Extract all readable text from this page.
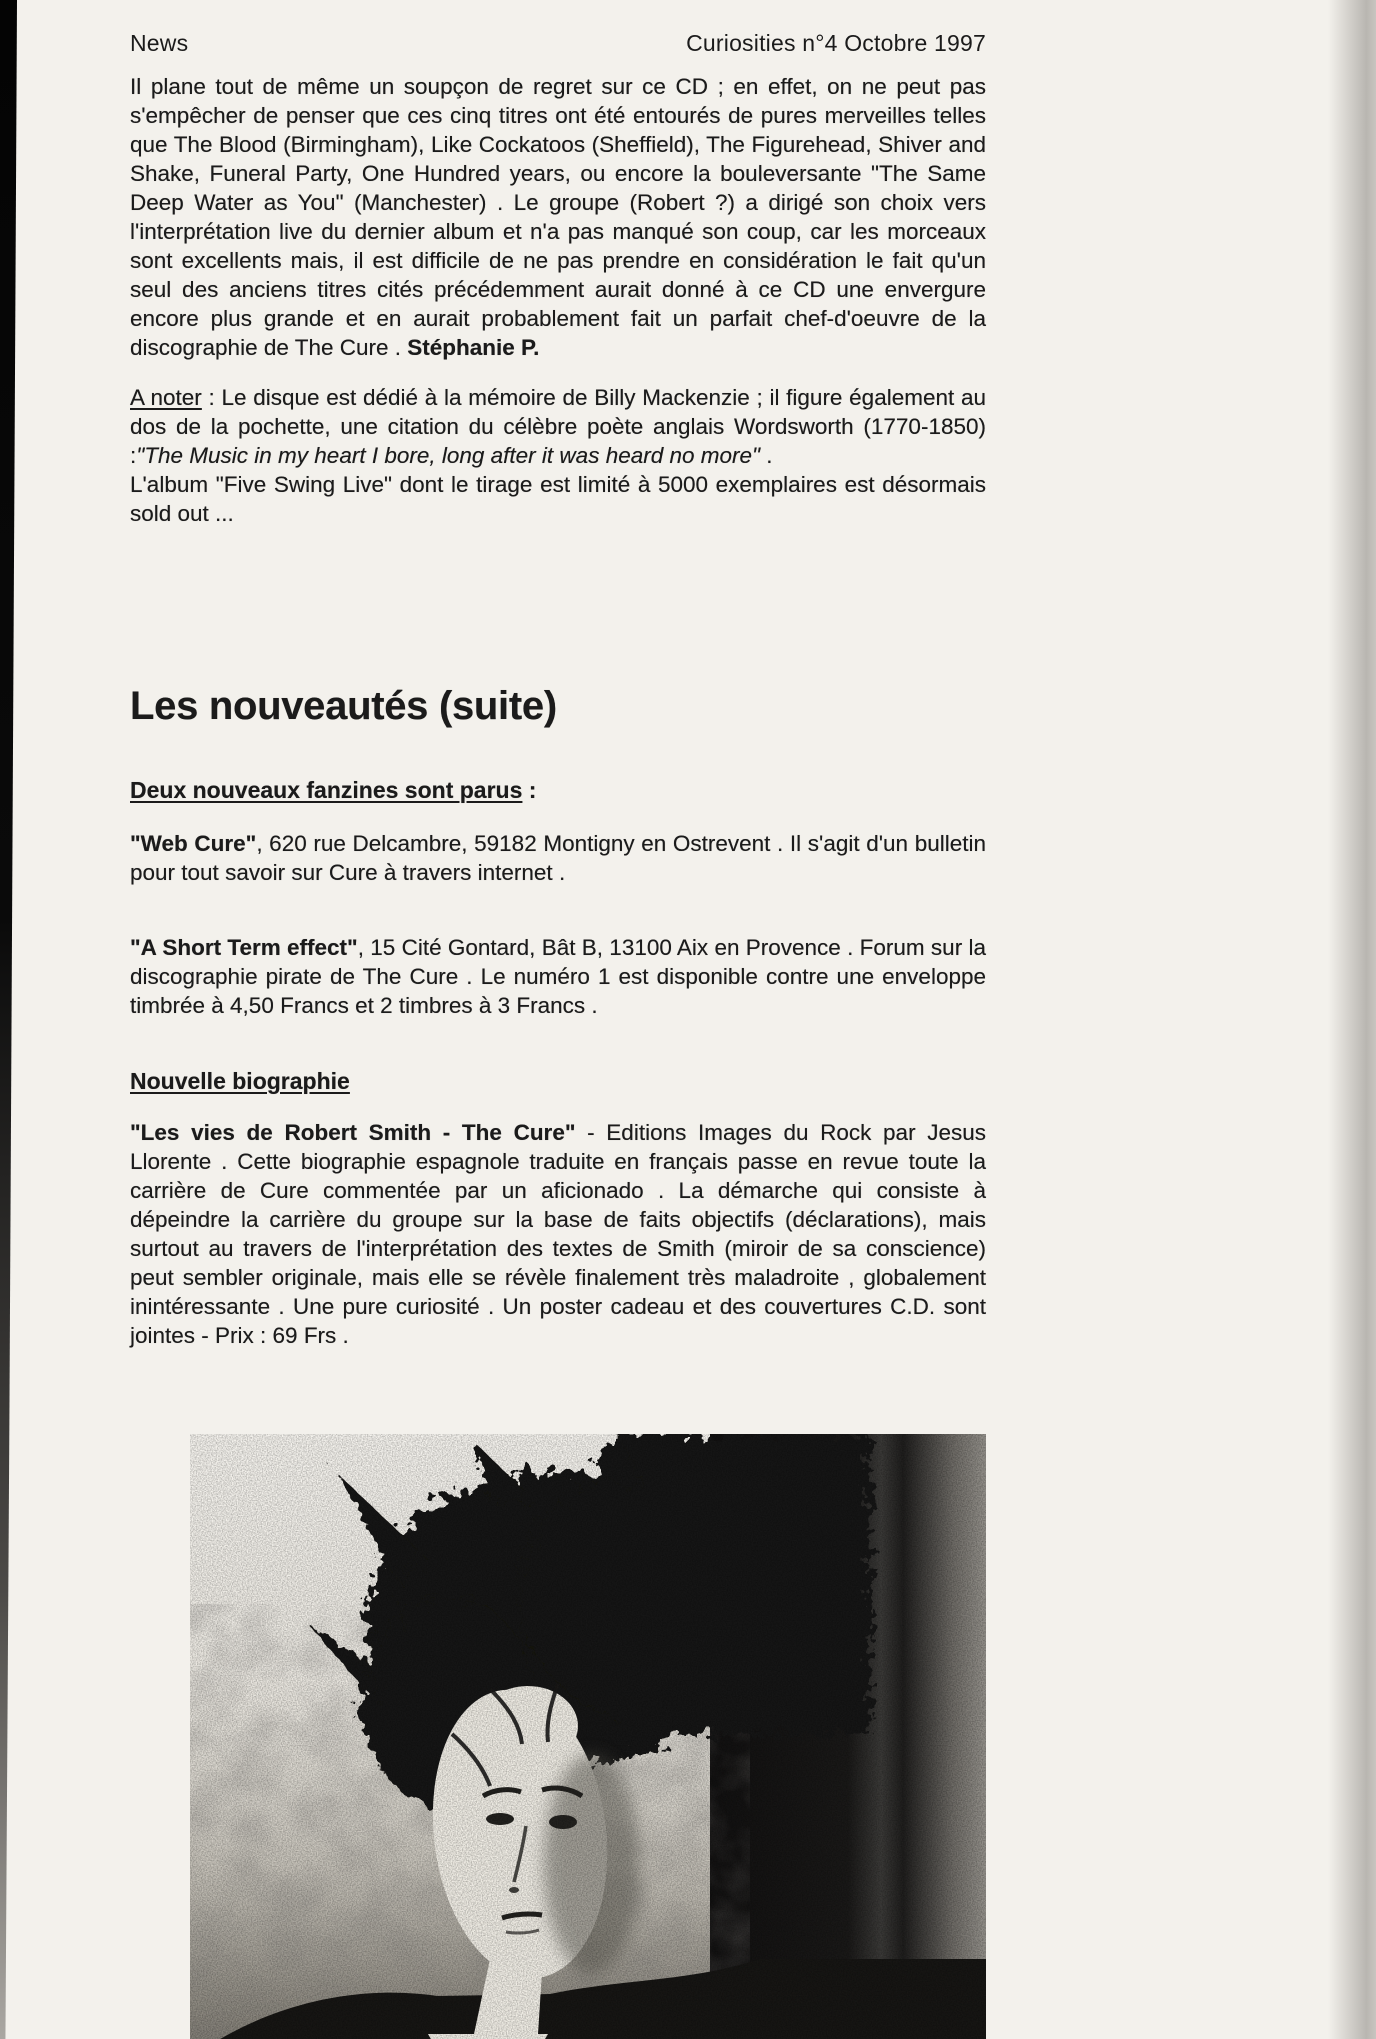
News	Curiosities n°4 Octobre 1997

Il plane tout de même un soupçon de regret sur ce CD ; en effet, on ne peut pas s'empêcher de penser que ces cinq titres ont été entourés de pures merveilles telles que The Blood (Birmingham), Like Cockatoos (Sheffield), The Figurehead, Shiver and Shake, Funeral Party, One Hundred years, ou encore la bouleversante "The Same Deep Water as You" (Manchester) . Le groupe (Robert ?) a dirigé son choix vers l'interprétation live du dernier album et n'a pas manqué son coup, car les morceaux sont excellents mais, il est difficile de ne pas prendre en considération le fait qu'un seul des anciens titres cités précédemment aurait donné à ce CD une envergure encore plus grande et en aurait probablement fait un parfait chef-d'oeuvre de la discographie de The Cure . Stéphanie P.

A noter : Le disque est dédié à la mémoire de Billy Mackenzie ; il figure également au dos de la pochette, une citation du célèbre poète anglais Wordsworth (1770-1850) :"The Music in my heart I bore, long after it was heard no more" .
L'album "Five Swing Live" dont le tirage est limité à 5000 exemplaires est désormais sold out ...

Les nouveautés (suite)
Deux nouveaux fanzines sont parus :

"Web Cure", 620 rue Delcambre, 59182 Montigny en Ostrevent . Il s'agit d'un bulletin pour tout savoir sur Cure à travers internet .

"A Short Term effect", 15 Cité Gontard, Bât B, 13100 Aix en Provence . Forum sur la discographie pirate de The Cure . Le numéro 1 est disponible contre une enveloppe timbrée à 4,50 Francs et 2 timbres à 3 Francs .

Nouvelle biographie

"Les vies de Robert Smith - The Cure" - Editions Images du Rock par Jesus Llorente . Cette biographie espagnole traduite en français passe en revue toute la carrière de Cure commentée par un aficionado . La démarche qui consiste à dépeindre la carrière du groupe sur la base de faits objectifs (déclarations), mais surtout au travers de l'interprétation des textes de Smith (miroir de sa conscience) peut sembler originale, mais elle se révèle finalement très maladroite , globalement inintéressante . Une pure curiosité . Un poster cadeau et des couvertures C.D. sont jointes - Prix : 69 Frs .
